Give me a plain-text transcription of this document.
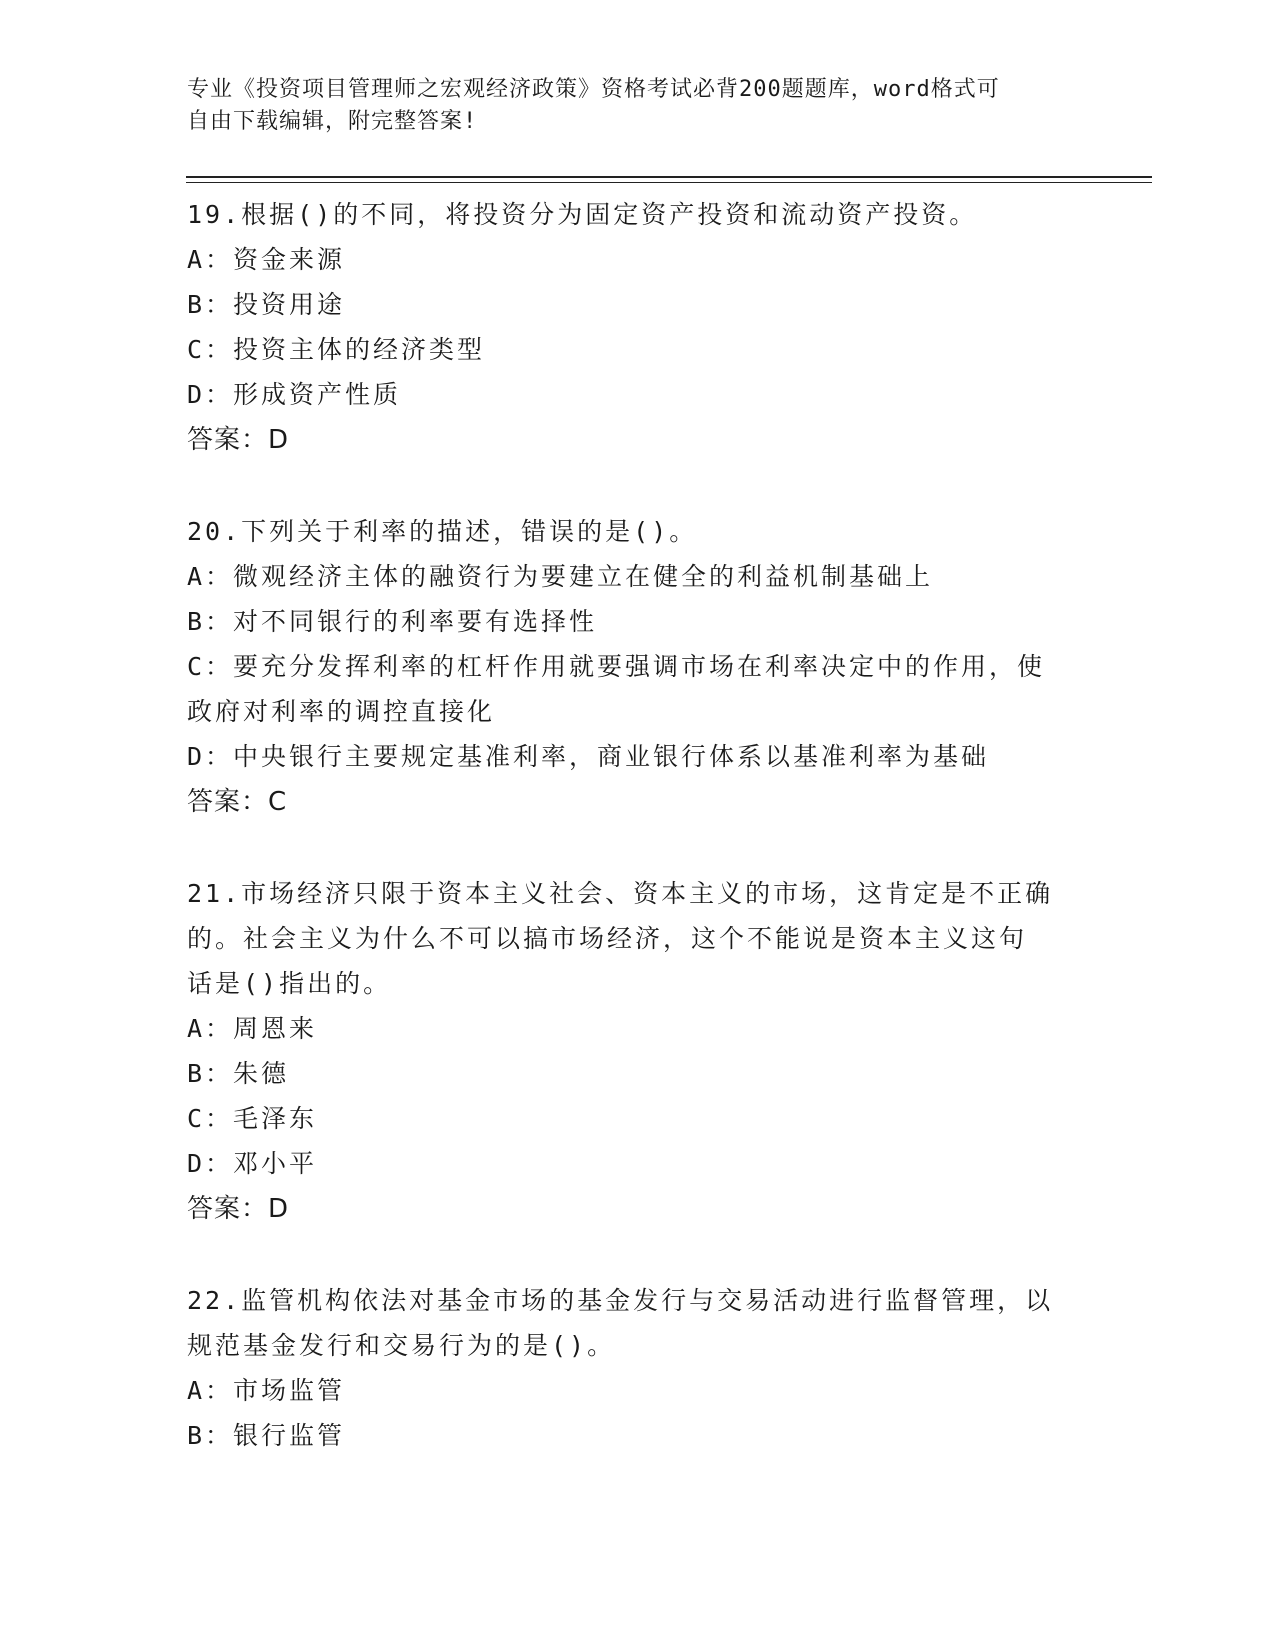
专业《投资项目管理师之宏观经济政策》资格考试必背200题题库，word格式可
自由下载编辑，附完整答案!
19.根据()的不同，将投资分为固定资产投资和流动资产投资。
A：资金来源
B：投资用途
C：投资主体的经济类型
D：形成资产性质
答案：D
20.下列关于利率的描述，错误的是()。
A：微观经济主体的融资行为要建立在健全的利益机制基础上
B：对不同银行的利率要有选择性
C：要充分发挥利率的杠杆作用就要强调市场在利率决定中的作用，使
政府对利率的调控直接化
D：中央银行主要规定基准利率，商业银行体系以基准利率为基础
答案：C
21.市场经济只限于资本主义社会、资本主义的市场，这肯定是不正确
的。社会主义为什么不可以搞市场经济，这个不能说是资本主义这句
话是()指出的。
A：周恩来
B：朱德
C：毛泽东
D：邓小平
答案：D
22.监管机构依法对基金市场的基金发行与交易活动进行监督管理，以
规范基金发行和交易行为的是()。
A：市场监管
B：银行监管
